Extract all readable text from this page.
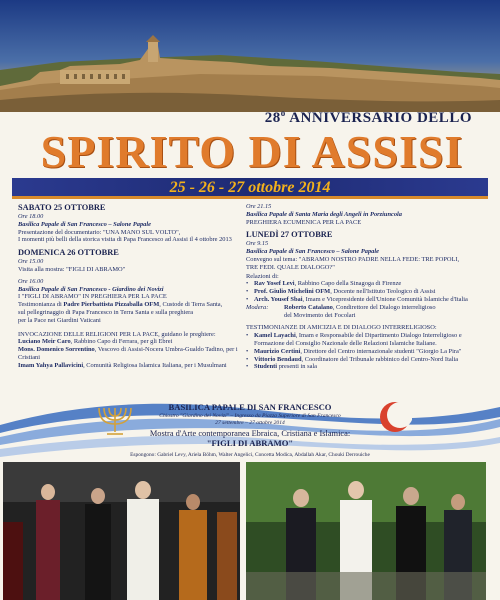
28$^o$ ANNIVERSARIO DELLO
SPIRITO DI ASSISI
25 - 26 - 27 ottobre 2014
SABATO 25 OTTOBRE
Ore 18.00
Basilica Papale di San Francesco – Salone Papale
Presentazione del documentario: "UNA MANO SUL VOLTO",
I momenti più belli della storica visita di Papa Francesco ad Assisi il 4 ottobre 2013
DOMENICA 26 OTTOBRE
Ore 15.00
Visita alla mostra: "FIGLI DI ABRAMO"
Ore 16.00
Basilica Papale di San Francesco - Giardino dei Novizi
I "FIGLI DI ABRAMO" IN PREGHIERA PER LA PACE
Testimonianza di Padre Pierbattista Pizzaballa OFM, Custode di Terra Santa,
sul pellegrinaggio di Papa Francesco in Terra Santa e sulla preghiera
per la Pace nei Giardini Vaticani
INVOCAZIONE DELLE RELIGIONI PER LA PACE, guidano le preghiere:
Luciano Meir Caro, Rabbino Capo di Ferrara, per gli Ebrei
Mons. Domenico Sorrentino, Vescovo di Assisi-Nocera Umbra-Gualdo Tadino, per i Cristiani
Imam Yahya Pallavicini, Comunità Religiosa Islamica Italiana, per i Musulmani
Ore 21.15
Basilica Papale di Santa Maria degli Angeli in Porziuncola
PREGHIERA ECUMENICA PER LA PACE
LUNEDÌ 27 OTTOBRE
Ore 9.15
Basilica Papale di San Francesco – Salone Papale
Convegno sul tema: "ABRAMO NOSTRO PADRE NELLA FEDE: TRE POPOLI,
TRE FEDI. QUALE DIALOGO?"
Relazioni di:
• Rav Yosef Levi, Rabbino Capo della Sinagoga di Firenze
• Prof. Giulio Michelini OFM, Docente nell'Istituto Teologico di Assisi
• Arch. Yousef Sbai, Imam e Vicepresidente dell'Unione Comunità Islamiche d'Italia
Modera:	Roberto Catalano, Condirettore del Dialogo interreligioso
del Movimento dei Focolari
TESTIMONIANZE DI AMICIZIA E DI DIALOGO INTERRELIGIOSO:
• Kamel Layachi, Imam e Responsabile del Dipartimento Dialogo Interreligioso e Formazione del Consiglio Nazionale delle Relazioni Islamiche Italiane.
• Maurizio Certini, Direttore del Centro internazionale studenti "Giorgio La Pira"
• Vittorio Bendaud, Coordinatore del Tribunale rabbinico del Centro-Nord Italia
• Studenti presenti in sala
BASILICA PAPALE DI SAN FRANCESCO
Chiostro "Giardino dei Novizi" – Ingresso da Piazza Superiore di San Francesco
27 settembre – 27 ottobre 2014
Mostra d'Arte contemporanea Ebraica, Cristiana e Islamica:
"FIGLI DI ABRAMO"
Espongono: Gabriel Levy, Ariela Böhm, Walter Angelici, Concetta Modica, Abdallah Akar, Chouki Derrouiche
